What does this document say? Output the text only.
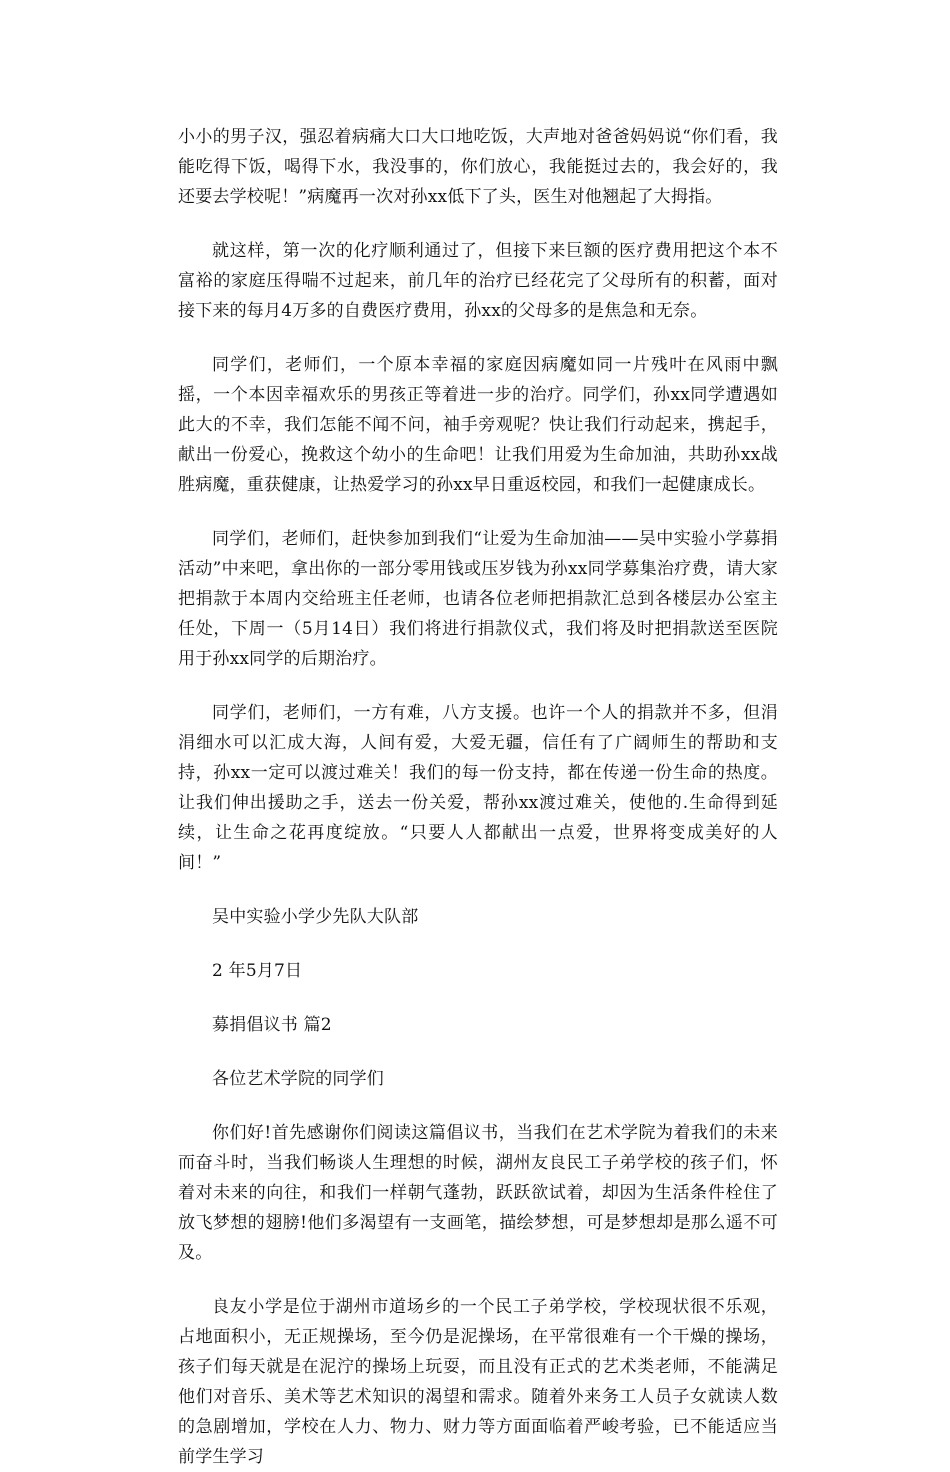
小小的男子汉，强忍着病痛大口大口地吃饭，大声地对爸爸妈妈说“你们看，我能吃得下饭，喝得下水，我没事的，你们放心，我能挺过去的，我会好的，我还要去学校呢！”病魔再一次对孙xx低下了头，医生对他翘起了大拇指。

就这样，第一次的化疗顺利通过了，但接下来巨额的医疗费用把这个本不富裕的家庭压得喘不过起来，前几年的治疗已经花完了父母所有的积蓄，面对接下来的每月4万多的自费医疗费用，孙xx的父母多的是焦急和无奈。

同学们，老师们，一个原本幸福的家庭因病魔如同一片残叶在风雨中飘摇，一个本因幸福欢乐的男孩正等着进一步的治疗。同学们，孙xx同学遭遇如此大的不幸，我们怎能不闻不问，袖手旁观呢？快让我们行动起来，携起手，献出一份爱心，挽救这个幼小的生命吧！让我们用爱为生命加油，共助孙xx战胜病魔，重获健康，让热爱学习的孙xx早日重返校园，和我们一起健康成长。

同学们，老师们，赶快参加到我们“让爱为生命加油——吴中实验小学募捐活动”中来吧，拿出你的一部分零用钱或压岁钱为孙xx同学募集治疗费，请大家把捐款于本周内交给班主任老师，也请各位老师把捐款汇总到各楼层办公室主任处，下周一（5月14日）我们将进行捐款仪式，我们将及时把捐款送至医院用于孙xx同学的后期治疗。

同学们，老师们，一方有难，八方支援。也许一个人的捐款并不多，但涓涓细水可以汇成大海，人间有爱，大爱无疆，信任有了广阔师生的帮助和支持，孙xx一定可以渡过难关！我们的每一份支持，都在传递一份生命的热度。让我们伸出援助之手，送去一份关爱，帮孙xx渡过难关，使他的.生命得到延续，让生命之花再度绽放。“只要人人都献出一点爱，世界将变成美好的人间！”

吴中实验小学少先队大队部

2 年5月7日

募捐倡议书 篇2

各位艺术学院的同学们

你们好!首先感谢你们阅读这篇倡议书，当我们在艺术学院为着我们的未来而奋斗时，当我们畅谈人生理想的时候，湖州友良民工子弟学校的孩子们，怀着对未来的向往，和我们一样朝气蓬勃，跃跃欲试着，却因为生活条件栓住了放飞梦想的翅膀!他们多渴望有一支画笔，描绘梦想，可是梦想却是那么遥不可及。

良友小学是位于湖州市道场乡的一个民工子弟学校，学校现状很不乐观，占地面积小，无正规操场，至今仍是泥操场，在平常很难有一个干燥的操场，孩子们每天就是在泥泞的操场上玩耍，而且没有正式的艺术类老师，不能满足他们对音乐、美术等艺术知识的渴望和需求。随着外来务工人员子女就读人数的急剧增加，学校在人力、物力、财力等方面面临着严峻考验，已不能适应当前学生学习
